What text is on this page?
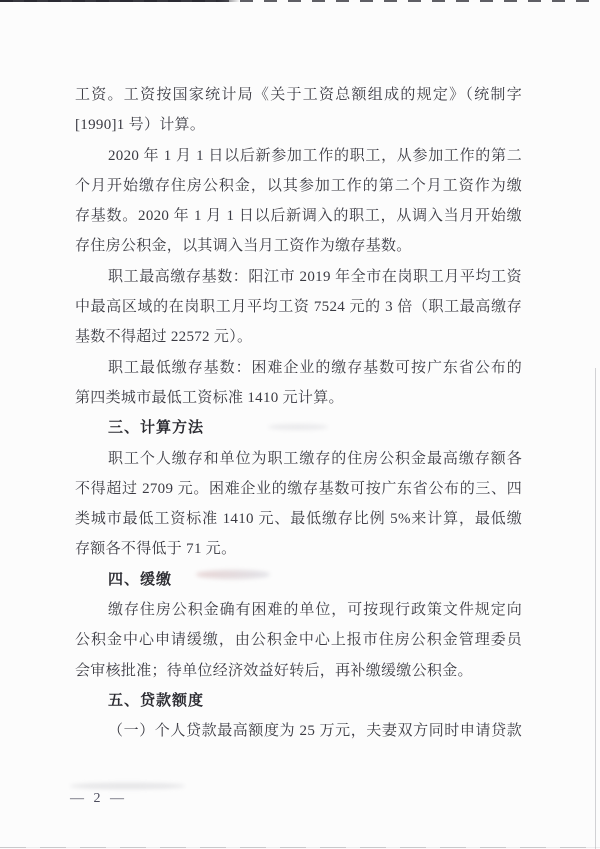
工资。工资按国家统计局《关于工资总额组成的规定》（统制字
[1990]1 号）计算。
2020 年 1 月 1 日以后新参加工作的职工，从参加工作的第二
个月开始缴存住房公积金，以其参加工作的第二个月工资作为缴
存基数。2020 年 1 月 1 日以后新调入的职工，从调入当月开始缴
存住房公积金，以其调入当月工资作为缴存基数。
职工最高缴存基数：阳江市 2019 年全市在岗职工月平均工资
中最高区域的在岗职工月平均工资 7524 元的 3 倍（职工最高缴存
基数不得超过 22572 元）。
职工最低缴存基数：困难企业的缴存基数可按广东省公布的
第四类城市最低工资标准 1410 元计算。
三、计算方法
职工个人缴存和单位为职工缴存的住房公积金最高缴存额各
不得超过 2709 元。困难企业的缴存基数可按广东省公布的三、四
类城市最低工资标准 1410 元、最低缴存比例 5%来计算，最低缴
存额各不得低于 71 元。
四、缓缴
缴存住房公积金确有困难的单位，可按现行政策文件规定向
公积金中心申请缓缴，由公积金中心上报市住房公积金管理委员
会审核批准；待单位经济效益好转后，再补缴缓缴公积金。
五、贷款额度
（一）个人贷款最高额度为 25 万元，夫妻双方同时申请贷款
— 2 —
